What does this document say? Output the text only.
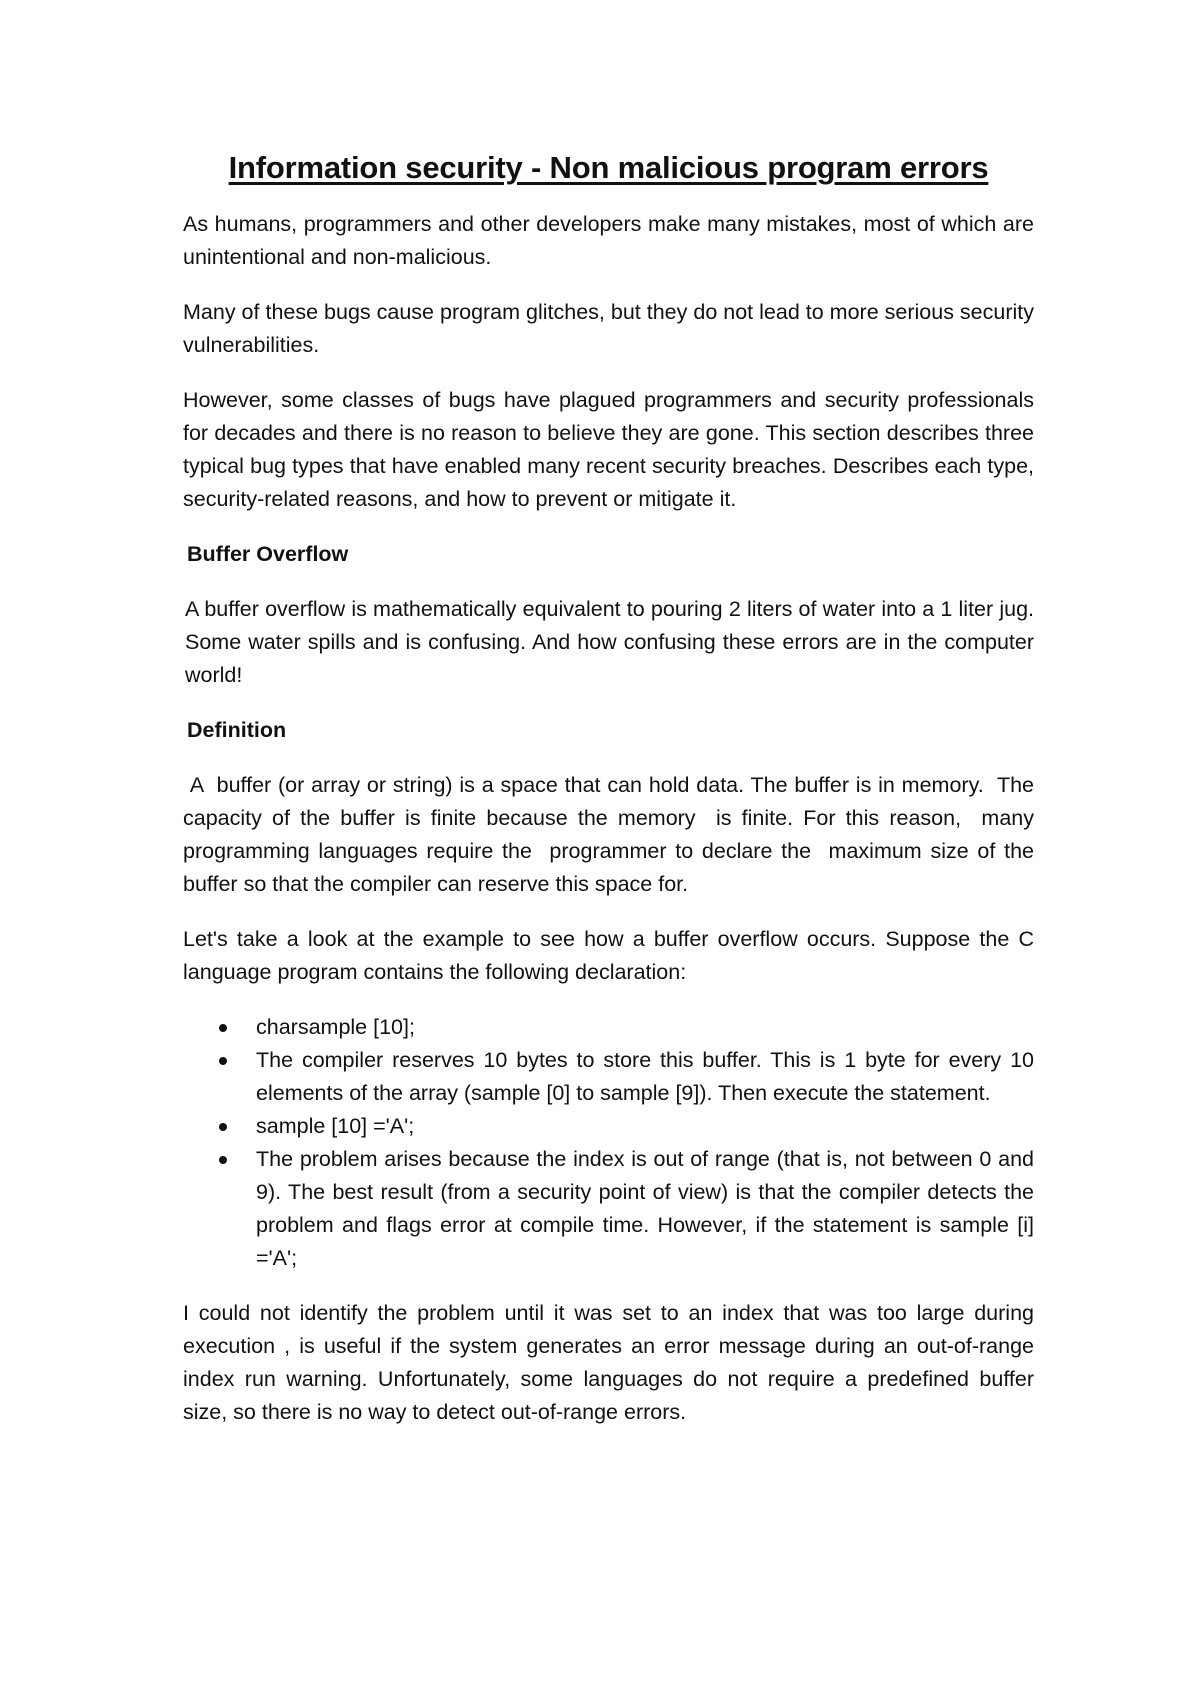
Information security - Non malicious program errors

As humans, programmers and other developers make many mistakes, most of which are unintentional and non-malicious.

Many of these bugs cause program glitches, but they do not lead to more serious security vulnerabilities.

However, some classes of bugs have plagued programmers and security professionals for decades and there is no reason to believe they are gone. This section describes three typical bug types that have enabled many recent security breaches. Describes each type, security-related reasons, and how to prevent or mitigate it.

Buffer Overflow

A buffer overflow is mathematically equivalent to pouring 2 liters of water into a 1 liter jug. Some water spills and is confusing. And how confusing these errors are in the computer world!

Definition

A  buffer (or array or string) is a space that can hold data. The buffer is in memory.  The capacity of the buffer is finite because the memory  is finite. For this reason,  many programming languages require the  programmer to declare the  maximum size of the buffer so that the compiler can reserve this space for.

Let's take a look at the example to see how a buffer overflow occurs. Suppose the C language program contains the following declaration:

charsample [10];
The compiler reserves 10 bytes to store this buffer. This is 1 byte for every 10 elements of the array (sample [0] to sample [9]). Then execute the statement.
sample [10] ='A';
The problem arises because the index is out of range (that is, not between 0 and 9). The best result (from a security point of view) is that the compiler detects the problem and flags error at compile time. However, if the statement is sample [i] ='A';

I could not identify the problem until it was set to an index that was too large during execution , is useful if the system generates an error message during an out-of-range index run warning. Unfortunately, some languages do not require a predefined buffer size, so there is no way to detect out-of-range errors.
